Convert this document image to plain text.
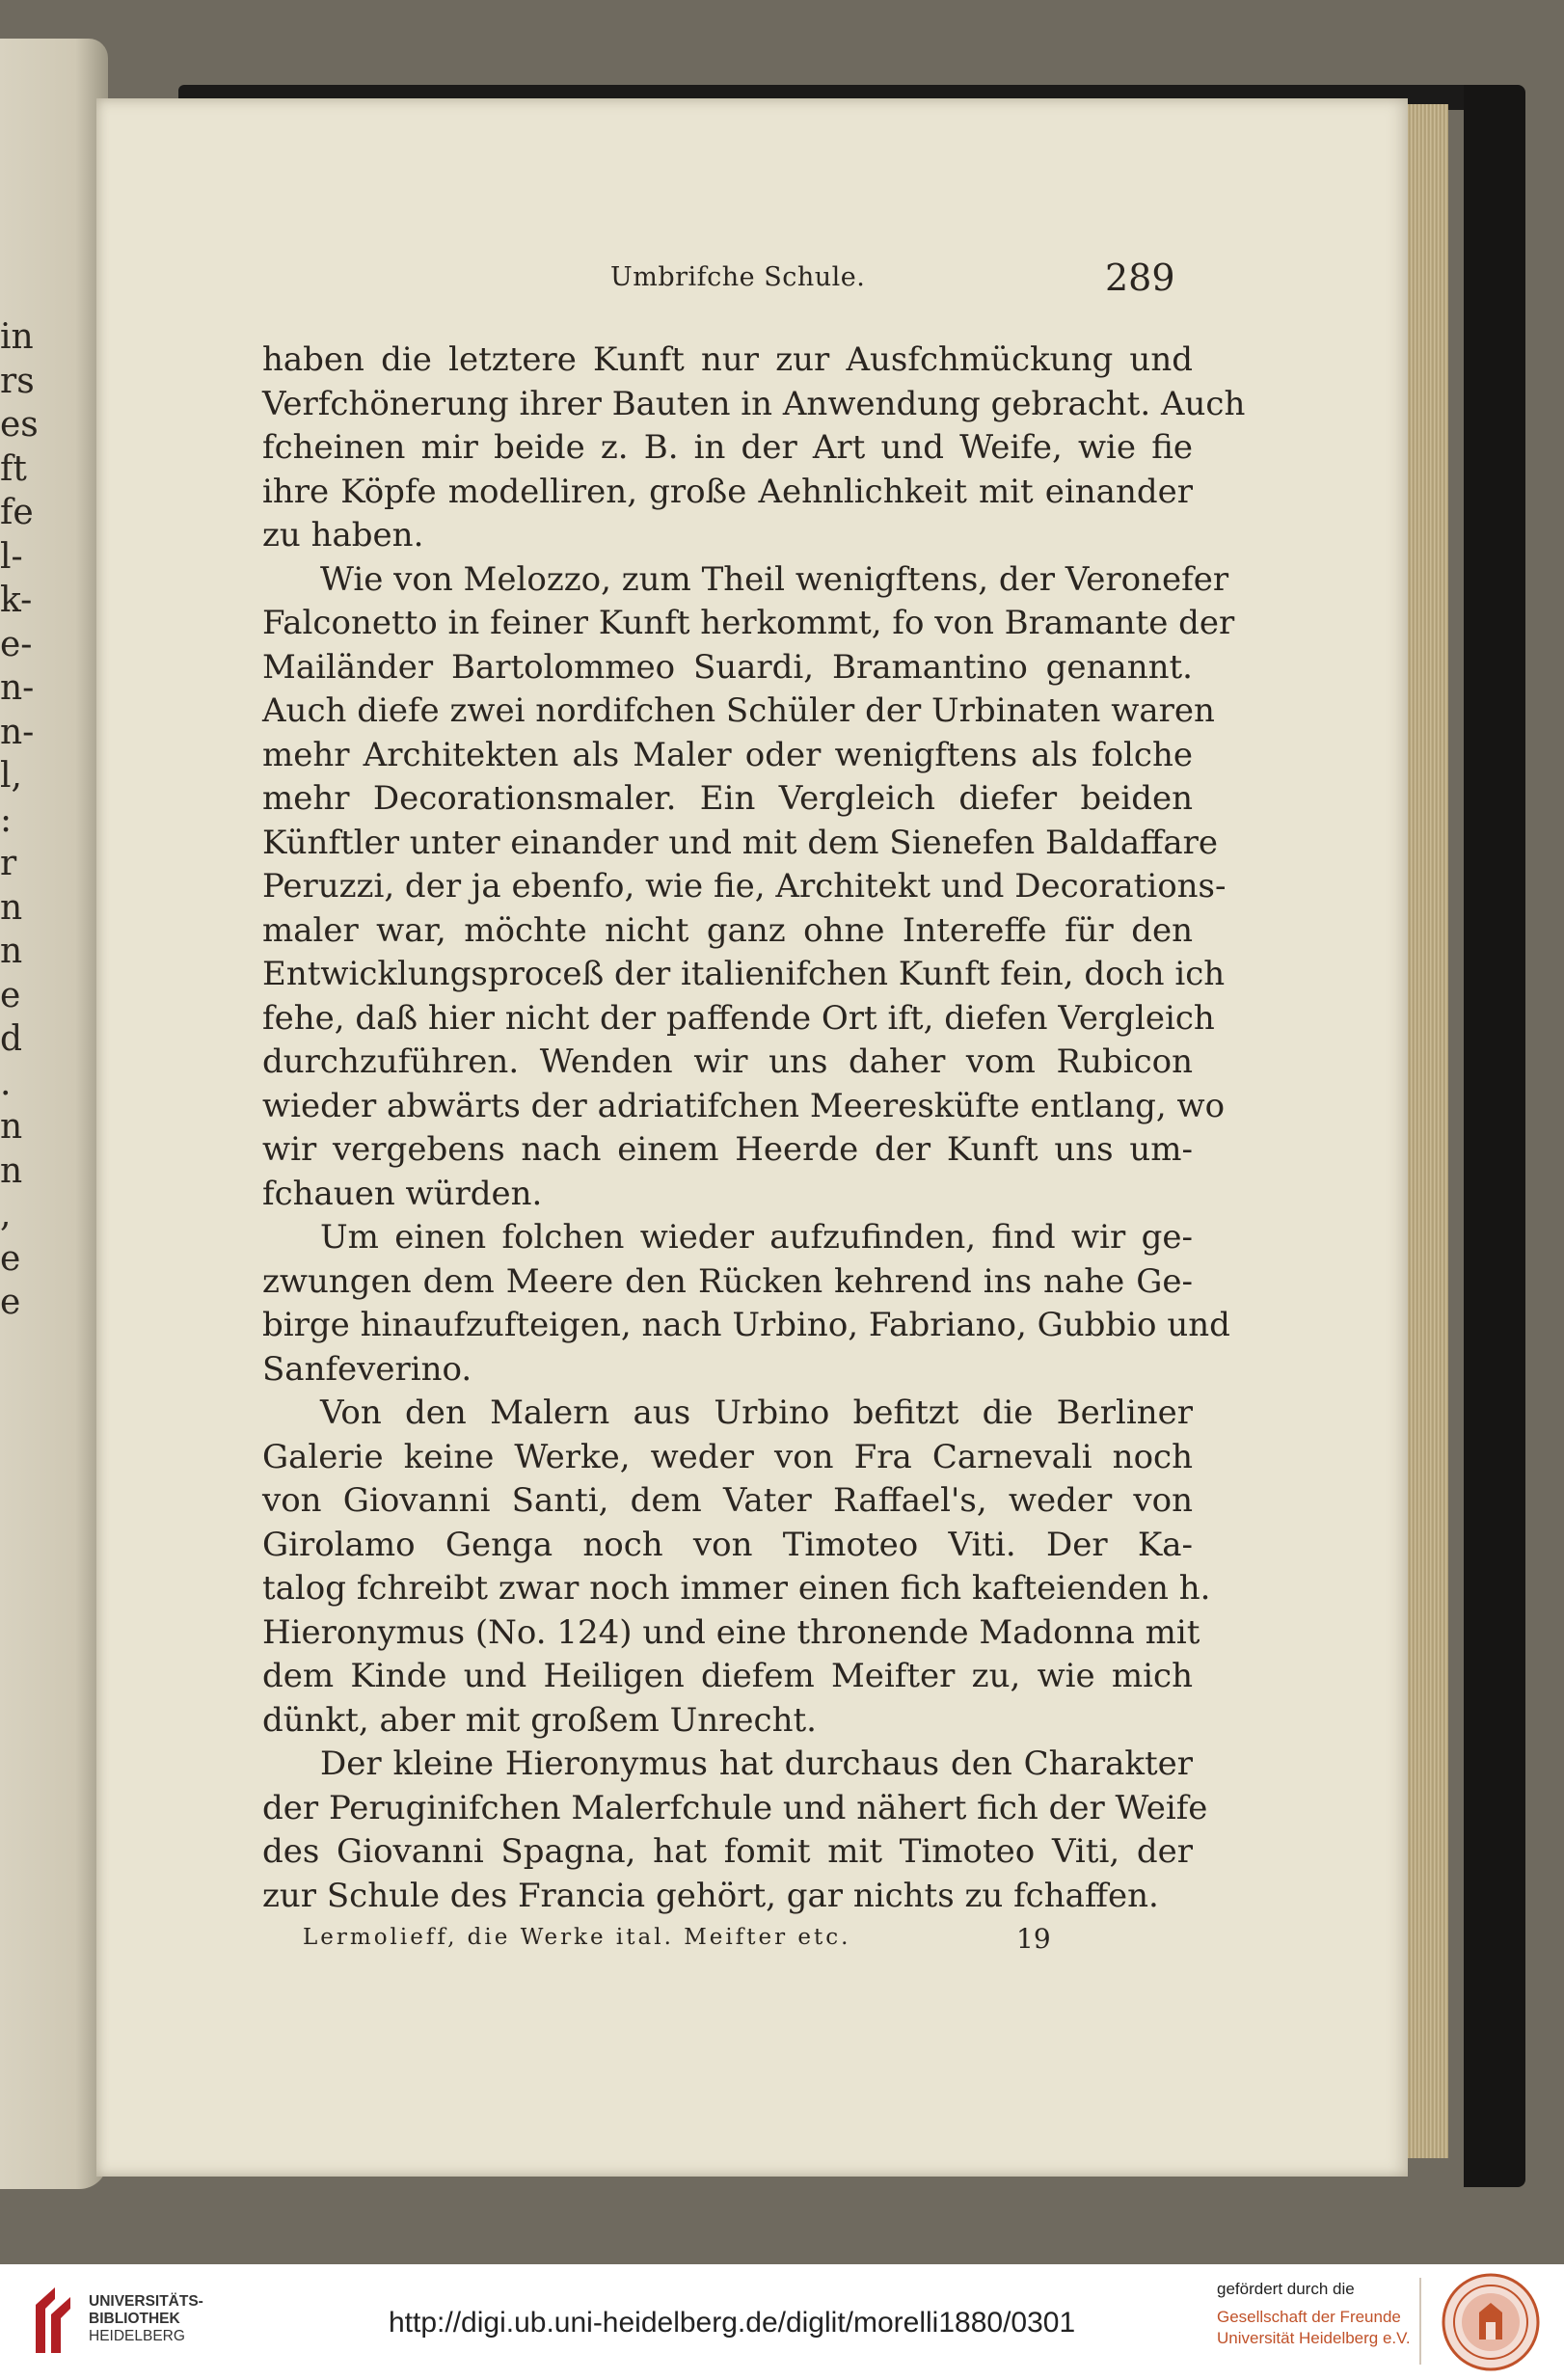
in
rs
es
ft
fe
l-
k-
e-
n-
n-
l,
:
r
n
n
e
d
.
n
n
,
e
e
Umbrifche Schule.	289
haben die letztere Kunft nur zur Ausfchmückung und
Verfchönerung ihrer Bauten in Anwendung gebracht. Auch
fcheinen mir beide z. B. in der Art und Weife, wie fie
ihre Köpfe modelliren, große Aehnlichkeit mit einander
zu haben.
Wie von Melozzo, zum Theil wenigftens, der Veronefer
Falconetto in feiner Kunft herkommt, fo von Bramante der
Mailänder Bartolommeo Suardi, Bramantino genannt.
Auch diefe zwei nordifchen Schüler der Urbinaten waren
mehr Architekten als Maler oder wenigftens als folche
mehr Decorationsmaler. Ein Vergleich diefer beiden
Künftler unter einander und mit dem Sienefen Baldaffare
Peruzzi, der ja ebenfo, wie fie, Architekt und Decorations-
maler war, möchte nicht ganz ohne Intereffe für den
Entwicklungsproceß der italienifchen Kunft fein, doch ich
fehe, daß hier nicht der paffende Ort ift, diefen Vergleich
durchzuführen. Wenden wir uns daher vom Rubicon
wieder abwärts der adriatifchen Meeresküfte entlang, wo
wir vergebens nach einem Heerde der Kunft uns um-
fchauen würden.
Um einen folchen wieder aufzufinden, find wir ge-
zwungen dem Meere den Rücken kehrend ins nahe Ge-
birge hinaufzufteigen, nach Urbino, Fabriano, Gubbio und
Sanfeverino.
Von den Malern aus Urbino befitzt die Berliner
Galerie keine Werke, weder von Fra Carnevali noch
von Giovanni Santi, dem Vater Raffael's, weder von
Girolamo Genga noch von Timoteo Viti. Der Ka-
talog fchreibt zwar noch immer einen fich kafteienden h.
Hieronymus (No. 124) und eine thronende Madonna mit
dem Kinde und Heiligen diefem Meifter zu, wie mich
dünkt, aber mit großem Unrecht.
Der kleine Hieronymus hat durchaus den Charakter
der Peruginifchen Malerfchule und nähert fich der Weife
des Giovanni Spagna, hat fomit mit Timoteo Viti, der
zur Schule des Francia gehört, gar nichts zu fchaffen.
Lermolieff, die Werke ital. Meifter etc.	19
UNIVERSITÄTS-
BIBLIOTHEK
HEIDELBERG	http://digi.ub.uni-heidelberg.de/diglit/morelli1880/0301
gefördert durch die
Gesellschaft der Freunde
Universität Heidelberg e.V.
